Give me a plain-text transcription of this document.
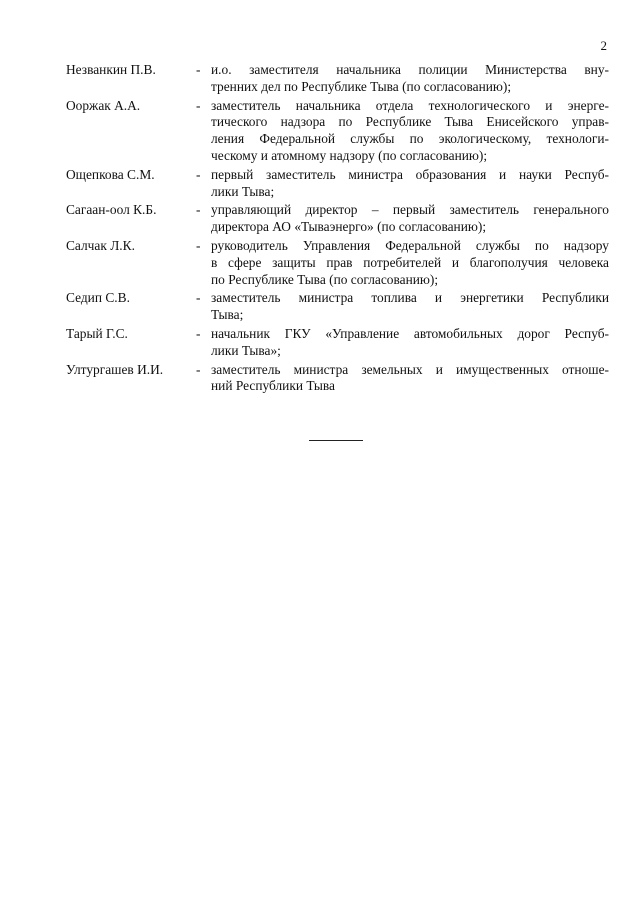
2
Незванкин П.В.	- и.о. заместителя начальника полиции Министерства вну-
тренних дел по Республике Тыва (по согласованию);
Ооржак А.А.	- заместитель начальника отдела технологического и энерге-
тического надзора по Республике Тыва Енисейского управ-
ления Федеральной службы по экологическому, технологи-
ческому и атомному надзору (по согласованию);
Ощепкова С.М.	- первый заместитель министра образования и науки Респуб-
лики Тыва;
Сагаан-оол К.Б.	- управляющий директор – первый заместитель генерального
директора АО «Тываэнерго» (по согласованию);
Салчак Л.К.	- руководитель Управления Федеральной службы по надзору
в сфере защиты прав потребителей и благополучия человека
по Республике Тыва (по согласованию);
Седип С.В.	- заместитель министра топлива и энергетики Республики
Тыва;
Тарый Г.С.	- начальник ГКУ «Управление автомобильных дорог Респуб-
лики Тыва»;
Ултургашев И.И. - заместитель министра земельных и имущественных отноше-
ний Республики Тыва
